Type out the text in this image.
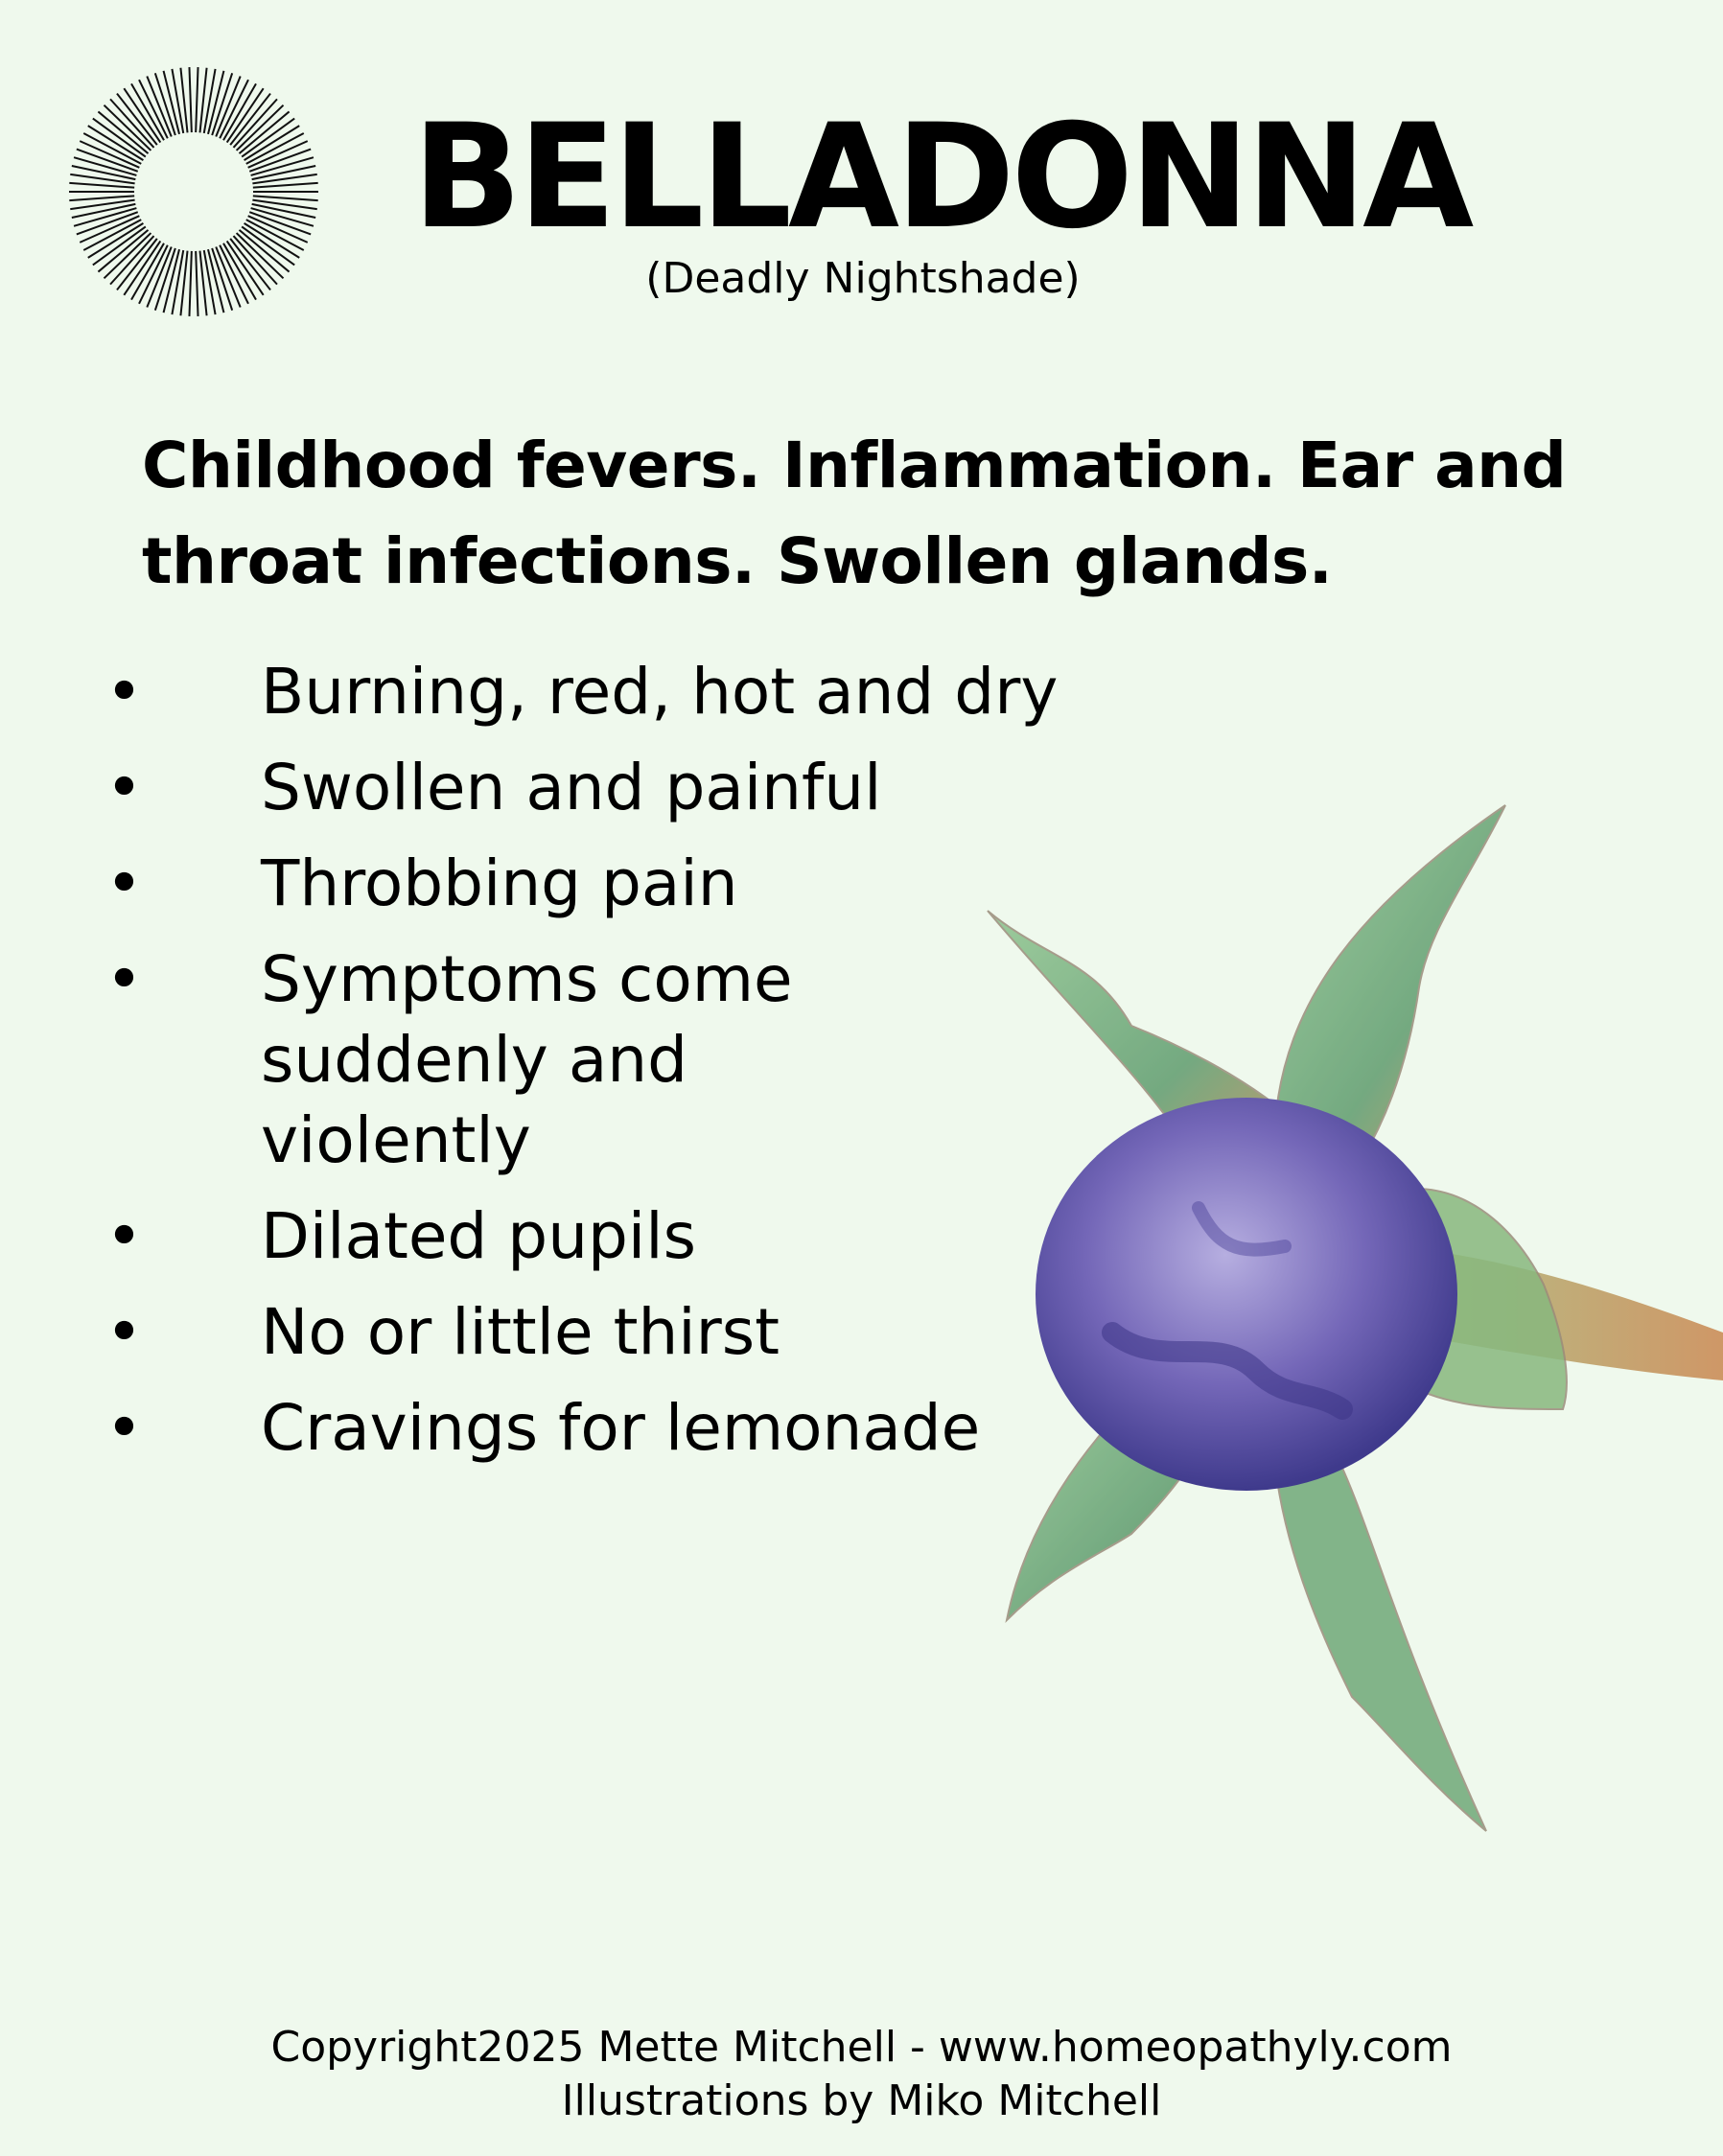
BELLADONNA
(Deadly Nightshade)
Childhood fevers. Inflammation. Ear and throat infections. Swollen glands.
• Burning, red, hot and dry
• Swollen and painful
• Throbbing pain
• Symptoms come suddenly and violently
• Dilated pupils
• No or little thirst
• Cravings for lemonade
Copyright2025 Mette Mitchell - www.homeopathyly.com
Illustrations by Miko Mitchell
